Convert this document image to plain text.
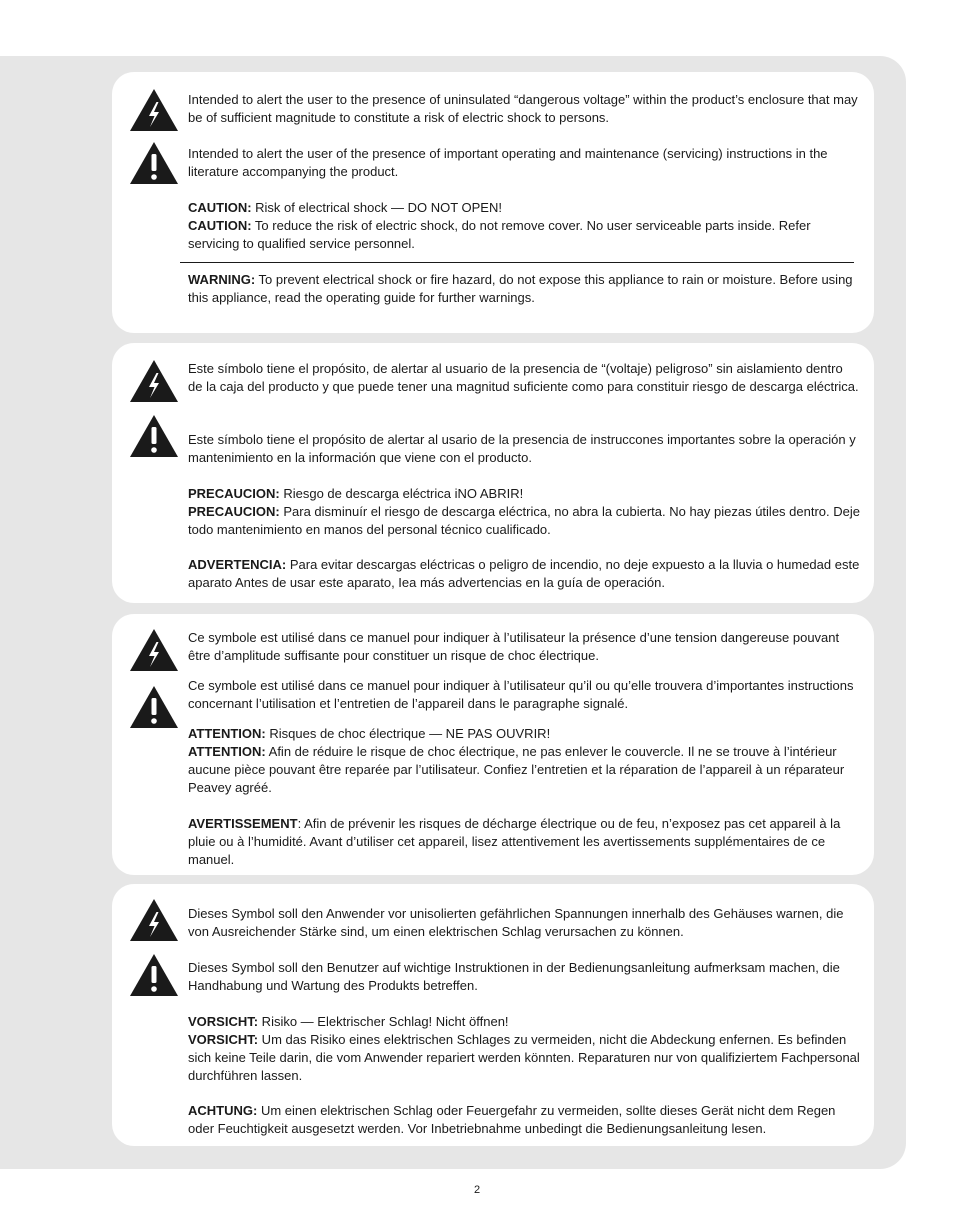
Intended to alert the user to the presence of uninsulated “dangerous voltage” within the product’s enclosure that may be of sufficient magnitude to constitute a risk of electric shock to persons.

Intended to alert the user of the presence of important operating and maintenance (servicing) instructions in the literature accompanying the product.

CAUTION: Risk of electrical shock — DO NOT OPEN!
CAUTION: To reduce the risk of electric shock, do not remove cover. No user serviceable parts inside. Refer servicing to qualified service personnel.

WARNING: To prevent electrical shock or fire hazard, do not expose this appliance to rain or moisture. Before using this appliance, read the operating guide for further warnings.

Este símbolo tiene el propósito, de alertar al usuario de la presencia de “(voltaje) peligroso” sin aislamiento dentro de la caja del producto y que puede tener una magnitud suficiente como para constituir riesgo de descarga eléctrica.

Este símbolo tiene el propósito de alertar al usario de la presencia de instruccones importantes sobre la operación y mantenimiento en la información que viene con el producto.

PRECAUCION: Riesgo de descarga eléctrica iNO ABRIR!
PRECAUCION: Para disminuír el riesgo de descarga eléctrica, no abra la cubierta. No hay piezas útiles dentro. Deje todo mantenimiento en manos del personal técnico cualificado.

ADVERTENCIA: Para evitar descargas eléctricas o peligro de incendio, no deje expuesto a la lluvia o humedad este aparato Antes de usar este aparato, Iea más advertencias en la guía de operación.

Ce symbole est utilisé dans ce manuel pour indiquer à l’utilisateur la présence d’une tension dangereuse pouvant être d’amplitude suffisante pour constituer un risque de choc électrique.

Ce symbole est utilisé dans ce manuel pour indiquer à l’utilisateur qu’il ou qu’elle trouvera d’importantes instructions concernant l’utilisation et l’entretien de l’appareil dans le paragraphe signalé.

ATTENTION: Risques de choc électrique — NE PAS OUVRIR!
ATTENTION: Afin de réduire le risque de choc électrique, ne pas enlever le couvercle. Il ne se trouve à l’intérieur aucune pièce pouvant être reparée par l’utilisateur. Confiez l’entretien et la réparation de l’appareil à un réparateur Peavey agréé.

AVERTISSEMENT: Afin de prévenir les risques de décharge électrique ou de feu, n’exposez pas cet appareil à la pluie ou à l’humidité. Avant d’utiliser cet appareil, lisez attentivement les avertissements supplémentaires de ce manuel.

Dieses Symbol soll den Anwender vor unisolierten gefährlichen Spannungen innerhalb des Gehäuses warnen, die von Ausreichender Stärke sind, um einen elektrischen Schlag verursachen zu können.

Dieses Symbol soll den Benutzer auf wichtige Instruktionen in der Bedienungsanleitung aufmerksam machen, die Handhabung und Wartung des Produkts betreffen.

VORSICHT: Risiko — Elektrischer Schlag! Nicht öffnen!
VORSICHT: Um das Risiko eines elektrischen Schlages zu vermeiden, nicht die Abdeckung enfernen. Es befinden sich keine Teile darin, die vom Anwender repariert werden könnten. Reparaturen nur von qualifiziertem Fachpersonal durchführen lassen.

ACHTUNG: Um einen elektrischen Schlag oder Feuergefahr zu vermeiden, sollte dieses Gerät nicht dem Regen oder Feuchtigkeit ausgesetzt werden. Vor Inbetriebnahme unbedingt die Bedienungsanleitung lesen.

2
